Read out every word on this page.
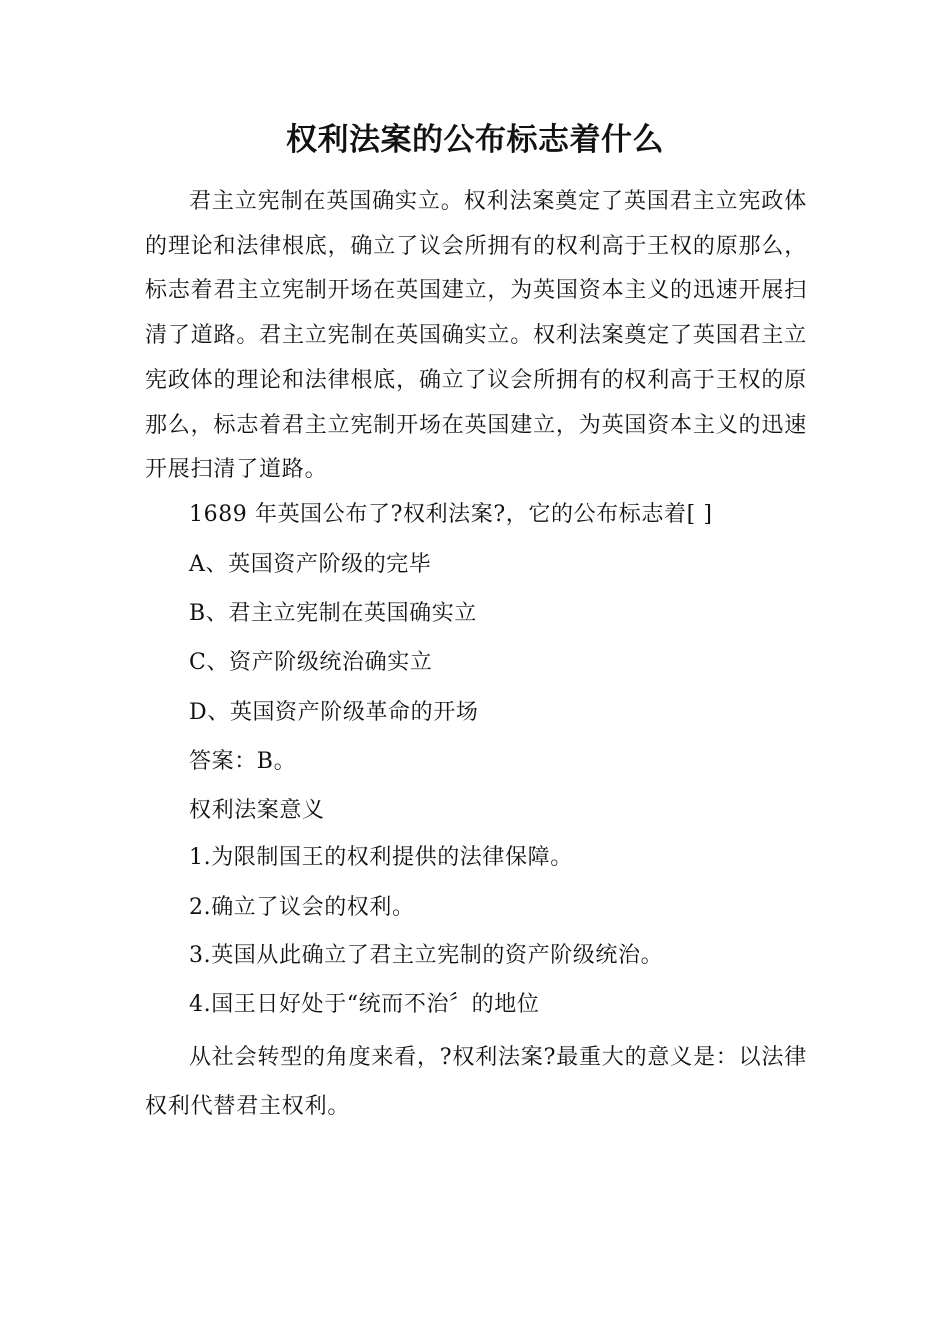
权利法案的公布标志着什么

君主立宪制在英国确实立。权利法案奠定了英国君主立宪政体的理论和法律根底，确立了议会所拥有的权利高于王权的原那么，标志着君主立宪制开场在英国建立，为英国资本主义的迅速开展扫清了道路。君主立宪制在英国确实立。权利法案奠定了英国君主立宪政体的理论和法律根底，确立了议会所拥有的权利高于王权的原那么，标志着君主立宪制开场在英国建立，为英国资本主义的迅速开展扫清了道路。

1689 年英国公布了?权利法案?，它的公布标志着[ ]
A、英国资产阶级的完毕
B、君主立宪制在英国确实立
C、资产阶级统治确实立
D、英国资产阶级革命的开场
答案：B。
权利法案意义
1.为限制国王的权利提供的法律保障。
2.确立了议会的权利。
3.英国从此确立了君主立宪制的资产阶级统治。
4.国王日好处于“统而不治〞的地位

从社会转型的角度来看，?权利法案?最重大的意义是：以法律权利代替君主权利。
